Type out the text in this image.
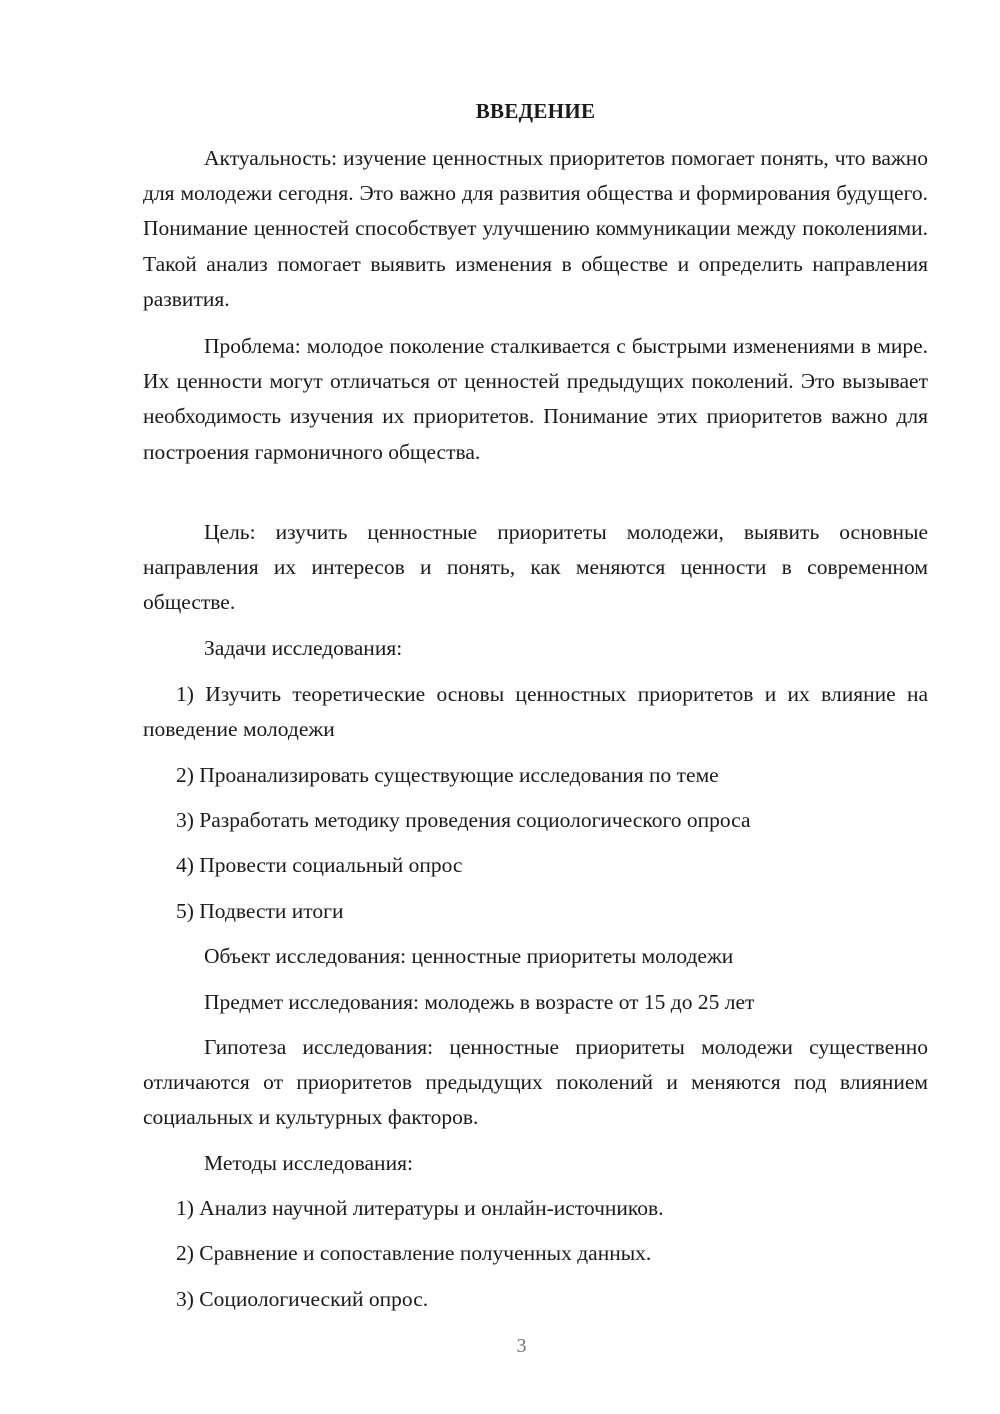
ВВЕДЕНИЕ
Актуальность: изучение ценностных приоритетов помогает понять, что важно для молодежи сегодня. Это важно для развития общества и формирования будущего. Понимание ценностей способствует улучшению коммуникации между поколениями. Такой анализ помогает выявить изменения в обществе и определить направления развития.
Проблема: молодое поколение сталкивается с быстрыми изменениями в мире. Их ценности могут отличаться от ценностей предыдущих поколений. Это вызывает необходимость изучения их приоритетов. Понимание этих приоритетов важно для построения гармоничного общества.
Цель: изучить ценностные приоритеты молодежи, выявить основные направления их интересов и понять, как меняются ценности в современном обществе.
Задачи исследования:
1) Изучить теоретические основы ценностных приоритетов и их влияние на поведение молодежи
2) Проанализировать существующие исследования по теме
3) Разработать методику проведения социологического опроса
4) Провести социальный опрос
5) Подвести итоги
Объект исследования: ценностные приоритеты молодежи
Предмет исследования: молодежь в возрасте от 15 до 25 лет
Гипотеза исследования: ценностные приоритеты молодежи существенно отличаются от приоритетов предыдущих поколений и меняются под влиянием социальных и культурных факторов.
Методы исследования:
1) Анализ научной литературы и онлайн-источников.
2) Сравнение и сопоставление полученных данных.
3) Социологический опрос.
3
